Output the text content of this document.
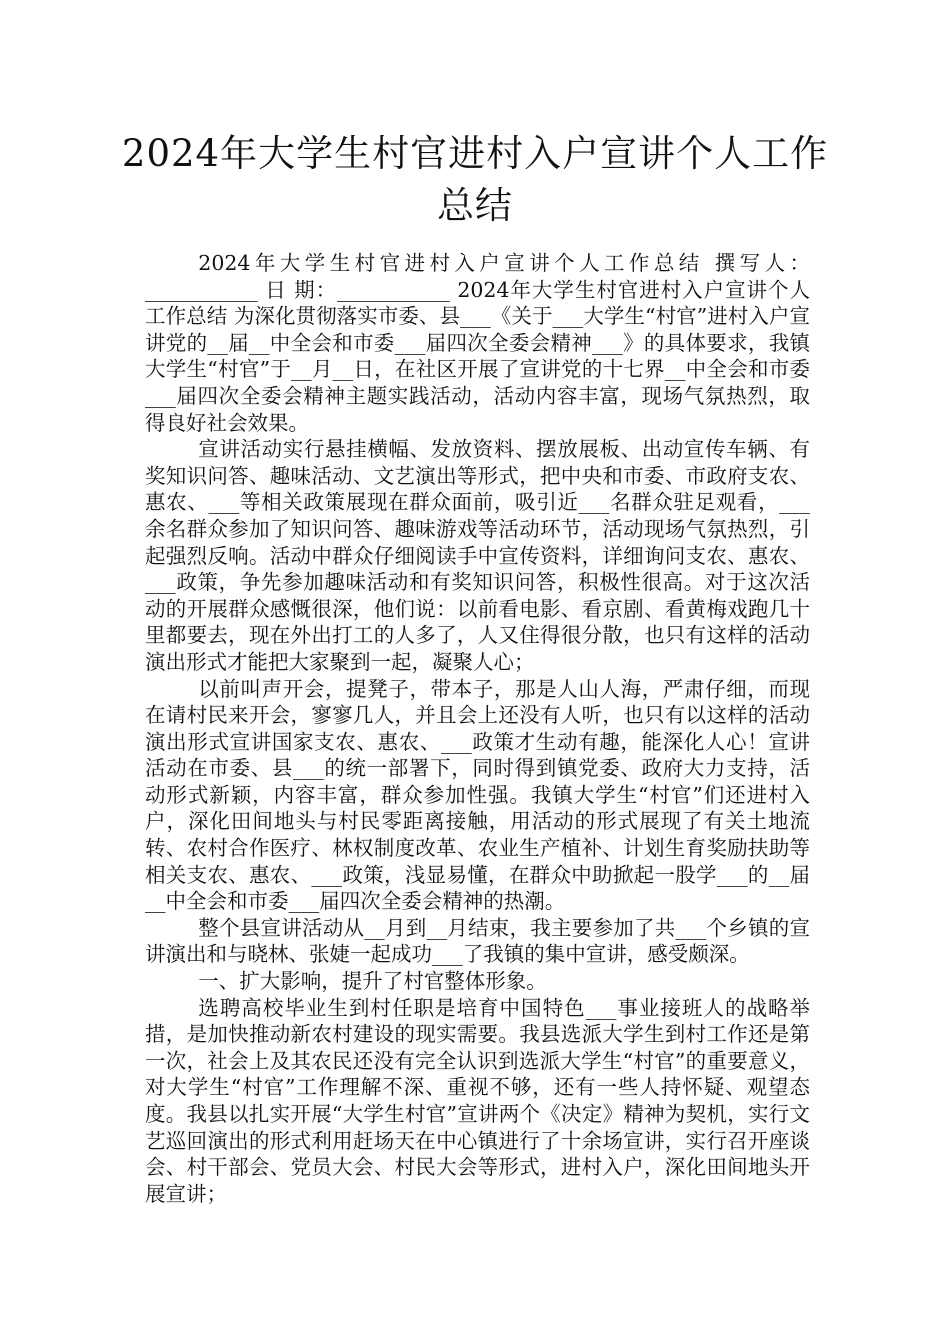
2024年大学生村官进村入户宣讲个人工作总结

2024年大学生村官进村入户宣讲个人工作总结 撰写人：___________ 日 期：___________ 2024年大学生村官进村入户宣讲个人工作总结 为深化贯彻落实市委、县___《关于___大学生“村官”进村入户宣讲党的__届__中全会和市委___届四次全委会精神___》的具体要求，我镇大学生“村官”于__月__日，在社区开展了宣讲党的十七界__中全会和市委___届四次全委会精神主题实践活动，活动内容丰富，现场气氛热烈，取得良好社会效果。

宣讲活动实行悬挂横幅、发放资料、摆放展板、出动宣传车辆、有奖知识问答、趣味活动、文艺演出等形式，把中央和市委、市政府支农、惠农、___等相关政策展现在群众面前，吸引近___名群众驻足观看，___余名群众参加了知识问答、趣味游戏等活动环节，活动现场气氛热烈，引起强烈反响。活动中群众仔细阅读手中宣传资料，详细询问支农、惠农、___政策，争先参加趣味活动和有奖知识问答，积极性很高。对于这次活动的开展群众感慨很深，他们说：以前看电影、看京剧、看黄梅戏跑几十里都要去，现在外出打工的人多了，人又住得很分散，也只有这样的活动演出形式才能把大家聚到一起，凝聚人心；

以前叫声开会，提凳子，带本子，那是人山人海，严肃仔细，而现在请村民来开会，寥寥几人，并且会上还没有人听，也只有以这样的活动演出形式宣讲国家支农、惠农、___政策才生动有趣，能深化人心！宣讲活动在市委、县___的统一部署下，同时得到镇党委、政府大力支持，活动形式新颖，内容丰富，群众参加性强。我镇大学生“村官”们还进村入户，深化田间地头与村民零距离接触，用活动的形式展现了有关土地流转、农村合作医疗、林权制度改革、农业生产植补、计划生育奖励扶助等相关支农、惠农、___政策，浅显易懂，在群众中助掀起一股学___的__届__中全会和市委___届四次全委会精神的热潮。

整个县宣讲活动从__月到__月结束，我主要参加了共___个乡镇的宣讲演出和与晓林、张婕一起成功___了我镇的集中宣讲，感受颇深。

一、扩大影响，提升了村官整体形象。

选聘高校毕业生到村任职是培育中国特色___事业接班人的战略举措，是加快推动新农村建设的现实需要。我县选派大学生到村工作还是第一次，社会上及其农民还没有完全认识到选派大学生“村官”的重要意义，对大学生“村官”工作理解不深、重视不够，还有一些人持怀疑、观望态度。我县以扎实开展“大学生村官”宣讲两个《决定》精神为契机，实行文艺巡回演出的形式利用赶场天在中心镇进行了十余场宣讲，实行召开座谈会、村干部会、党员大会、村民大会等形式，进村入户，深化田间地头开展宣讲；
